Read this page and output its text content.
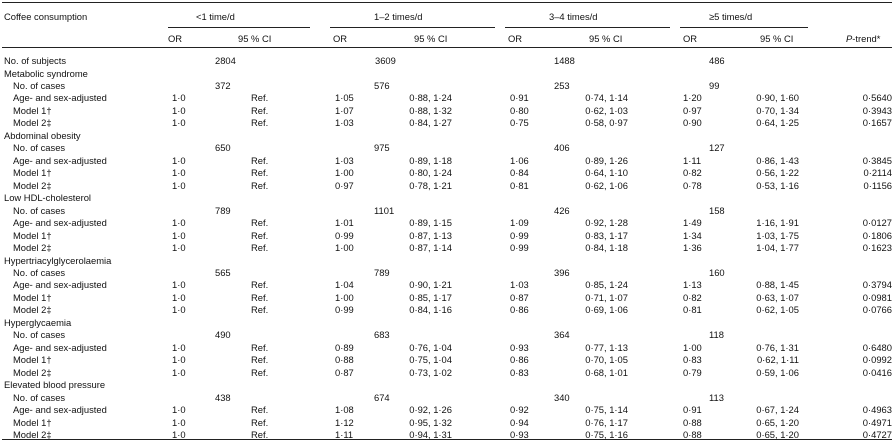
Coffee consumption	<1 time/d	1–2 times/d	3–4 times/d	≥5 times/d
OR	95 % CI	OR	95 % CI	OR	95 % CI	OR	95 % CI	P-trend*
No. of subjects	2804	3609	1488	486
Metabolic syndrome
No. of cases	372	576	253	99
Age- and sex-adjusted	1·0	Ref.	1·05	0·88, 1·24	0·91	0·74, 1·14	1·20	0·90, 1·60	0·5640
Model 1†	1·0	Ref.	1·07	0·88, 1·32	0·80	0·62, 1·03	0·97	0·70, 1·34	0·3943
Model 2‡	1·0	Ref.	1·03	0·84, 1·27	0·75	0·58, 0·97	0·90	0·64, 1·25	0·1657
Abdominal obesity
No. of cases	650	975	406	127
Age- and sex-adjusted	1·0	Ref.	1·03	0·89, 1·18	1·06	0·89, 1·26	1·11	0·86, 1·43	0·3845
Model 1†	1·0	Ref.	1·00	0·80, 1·24	0·84	0·64, 1·10	0·82	0·56, 1·22	0·2114
Model 2‡	1·0	Ref.	0·97	0·78, 1·21	0·81	0·62, 1·06	0·78	0·53, 1·16	0·1156
Low HDL-cholesterol
No. of cases	789	1101	426	158
Age- and sex-adjusted	1·0	Ref.	1·01	0·89, 1·15	1·09	0·92, 1·28	1·49	1·16, 1·91	0·0127
Model 1†	1·0	Ref.	0·99	0·87, 1·13	0·99	0·83, 1·17	1·34	1·03, 1·75	0·1806
Model 2‡	1·0	Ref.	1·00	0·87, 1·14	0·99	0·84, 1·18	1·36	1·04, 1·77	0·1623
Hypertriacylglycerolaemia
No. of cases	565	789	396	160
Age- and sex-adjusted	1·0	Ref.	1·04	0·90, 1·21	1·03	0·85, 1·24	1·13	0·88, 1·45	0·3794
Model 1†	1·0	Ref.	1·00	0·85, 1·17	0·87	0·71, 1·07	0·82	0·63, 1·07	0·0981
Model 2‡	1·0	Ref.	0·99	0·84, 1·16	0·86	0·69, 1·06	0·81	0·62, 1·05	0·0766
Hyperglycaemia
No. of cases	490	683	364	118
Age- and sex-adjusted	1·0	Ref.	0·89	0·76, 1·04	0·93	0·77, 1·13	1·00	0·76, 1·31	0·6480
Model 1†	1·0	Ref.	0·88	0·75, 1·04	0·86	0·70, 1·05	0·83	0·62, 1·11	0·0992
Model 2‡	1·0	Ref.	0·87	0·73, 1·02	0·83	0·68, 1·01	0·79	0·59, 1·06	0·0416
Elevated blood pressure
No. of cases	438	674	340	113
Age- and sex-adjusted	1·0	Ref.	1·08	0·92, 1·26	0·92	0·75, 1·14	0·91	0·67, 1·24	0·4963
Model 1†	1·0	Ref.	1·12	0·95, 1·32	0·94	0·76, 1·17	0·88	0·65, 1·20	0·4971
Model 2‡	1·0	Ref.	1·11	0·94, 1·31	0·93	0·75, 1·16	0·88	0·65, 1·20	0·4727
